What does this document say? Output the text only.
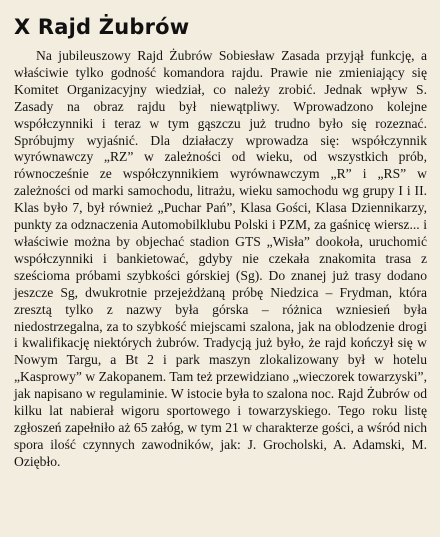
X Rajd Żubrów

Na jubileuszowy Rajd Żubrów Sobiesław Zasada przyjął funkcję, a właściwie tylko godność komandora rajdu. Prawie nie zmieniający się Komitet Organizacyjny wiedział, co należy zrobić. Jednak wpływ S. Zasady na obraz rajdu był niewątpliwy. Wprowadzono kolejne współczynniki i teraz w tym gąszczu już trudno było się rozeznać. Spróbujmy wyjaśnić. Dla działaczy wprowadza się: współczynnik wyrównawczy „RZ” w zależności od wieku, od wszystkich prób, równocześnie ze współczynnikiem wyrównawczym „R” i „RS” w zależności od marki samochodu, litrażu, wieku samochodu wg grupy I i II. Klas było 7, był również „Puchar Pań”, Klasa Gości, Klasa Dziennikarzy, punkty za odznaczenia Automobilklubu Polski i PZM, za gaśnicę wiersz... i właściwie można by objechać stadion GTS „Wisła” dookoła, uruchomić współczynniki i bankietować, gdyby nie czekała znakomita trasa z sześcioma próbami szybkości górskiej (Sg). Do znanej już trasy dodano jeszcze Sg, dwukrotnie przejeżdżaną próbę Niedzica – Frydman, która zresztą tylko z nazwy była górska – różnica wzniesień była niedostrzegalna, za to szybkość miejscami szalona, jak na oblodzenie drogi i kwalifikację niektórych żubrów. Tradycją już było, że rajd kończył się w Nowym Targu, a Bt 2 i park maszyn zlokalizowany był w hotelu „Kasprowy” w Zakopanem. Tam też przewidziano „wieczorek towarzyski”, jak napisano w regulaminie. W istocie była to szalona noc. Rajd Żubrów od kilku lat nabierał wigoru sportowego i towarzyskiego. Tego roku listę zgłoszeń zapełniło aż 65 załóg, w tym 21 w charakterze gości, a wśród nich spora ilość czynnych zawodników, jak: J. Grocholski, A. Adamski, M. Oziębło.
